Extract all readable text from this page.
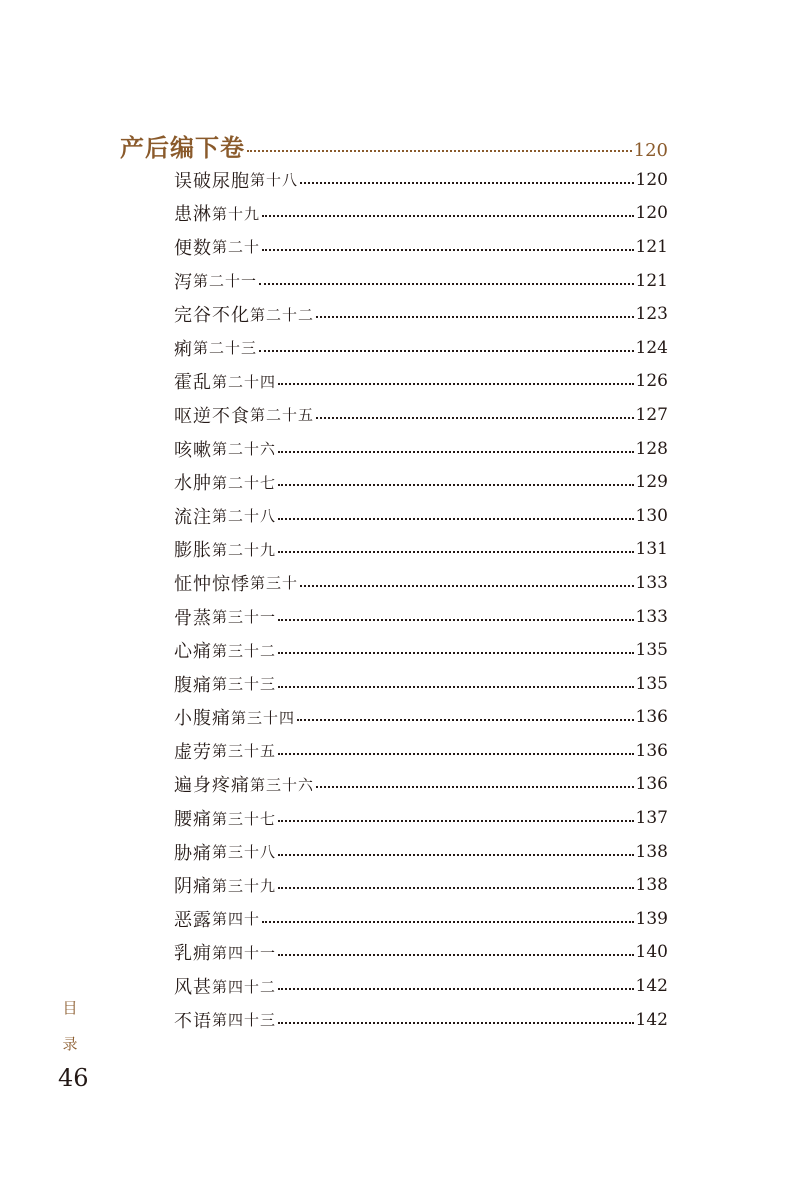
产后编下卷	120
误破尿胞 第十八	120
患淋 第十九	120
便数 第二十	121
泻 第二十一	121
完谷不化 第二十二	123
痢 第二十三	124
霍乱 第二十四	126
呕逆不食 第二十五	127
咳嗽 第二十六	128
水肿 第二十七	129
流注 第二十八	130
膨胀 第二十九	131
怔忡惊悸 第三十	133
骨蒸 第三十一	133
心痛 第三十二	135
腹痛 第三十三	135
小腹痛 第三十四	136
虚劳 第三十五	136
遍身疼痛 第三十六	136
腰痛 第三十七	137
胁痛 第三十八	138
阴痛 第三十九	138
恶露 第四十	139
乳痈 第四十一	140
风甚 第四十二	142
不语 第四十三	142
目
录
46
